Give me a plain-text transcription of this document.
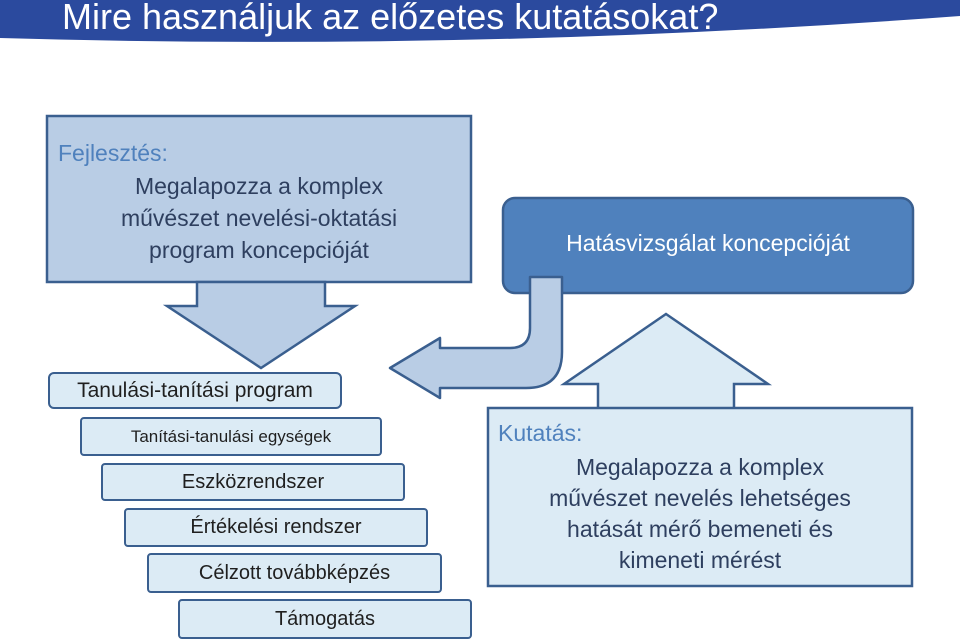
Mire használjuk az előzetes kutatásokat?
Fejlesztés:
Megalapozza a komplex
művészet nevelési-oktatási
program koncepcióját	Hatásvizsgálat koncepcióját
Kutatás:
Megalapozza a komplex
művészet nevelés lehetséges
hatását mérő bemeneti és
kimeneti mérést
Tanulási-tanítási program
Tanítási-tanulási egységek
Eszközrendszer
Értékelési rendszer
Célzott továbbképzés
Támogatás
